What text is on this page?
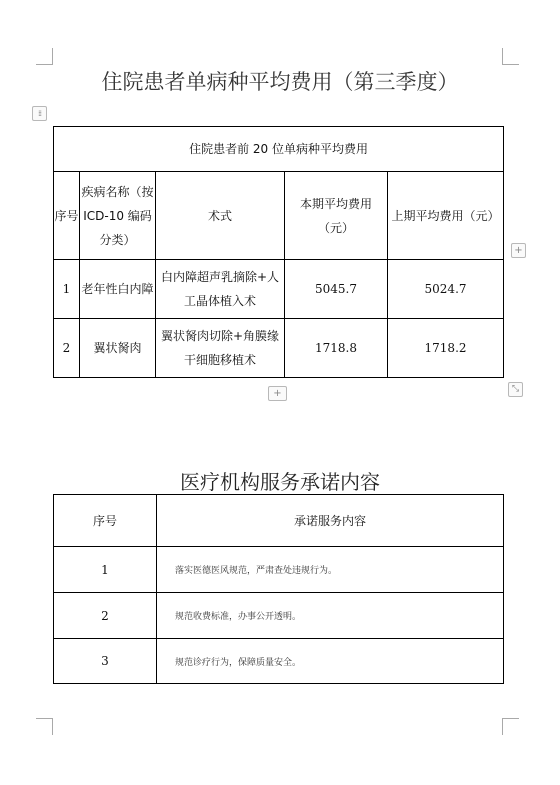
住院患者单病种平均费用（第三季度）
⁞⁞
住院患者前 20 位单病种平均费用				
序号	疾病名称（按 ICD-10 编码分类）	术式	本期平均费用（元）	上期平均费用（元）
1	老年性白内障	白内障超声乳摘除+人工晶体植入术	5045.7	5024.7
2	翼状胬肉	翼状胬肉切除+角膜缘干细胞移植术	1718.8	1718.2
+
+	⤡
医疗机构服务承诺内容
序号	承诺服务内容
1	落实医德医风规范，严肃查处违规行为。
2	规范收费标准，办事公开透明。
3	规范诊疗行为，保障质量安全。
